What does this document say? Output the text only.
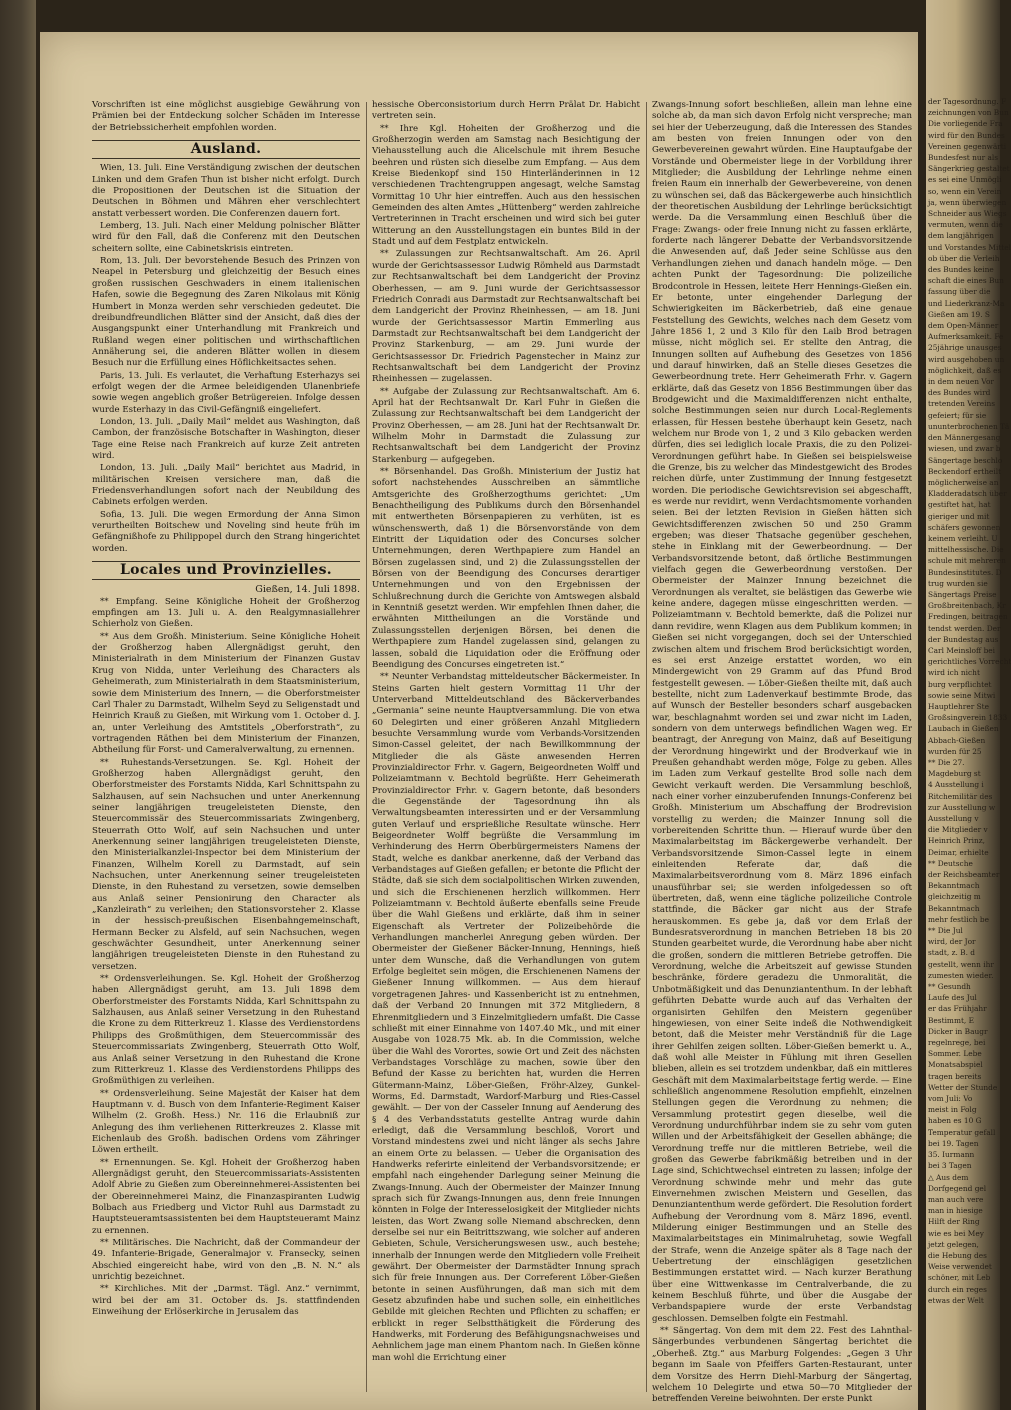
Vorschriften ist eine möglichst ausgiebige Gewährung von Prämien bei der Entdeckung solcher Schäden im Interesse der Betriebssicherheit empfohlen worden.

Ausland.

Wien, 13. Juli. Eine Verständigung zwischen der deutschen Linken und dem Grafen Thun ist bisher nicht erfolgt. Durch die Propositionen der Deutschen ist die Situation der Deutschen in Böhmen und Mähren eher verschlechtert anstatt verbessert worden. Die Conferenzen dauern fort.

Lemberg, 13. Juli. Nach einer Meldung polnischer Blätter wird für den Fall, daß die Conferenz mit den Deutschen scheitern sollte, eine Cabinetskrisis eintreten.

Rom, 13. Juli. Der bevorstehende Besuch des Prinzen von Neapel in Petersburg und gleichzeitig der Besuch eines großen russischen Geschwaders in einem italienischen Hafen, sowie die Begegnung des Zaren Nikolaus mit König Humbert in Monza werden sehr verschieden gedeutet. Die dreibundfreundlichen Blätter sind der Ansicht, daß dies der Ausgangspunkt einer Unterhandlung mit Frankreich und Rußland wegen einer politischen und wirthschaftlichen Annäherung sei, die anderen Blätter wollen in diesem Besuch nur die Erfüllung eines Höflichkeitsactes sehen.

Paris, 13. Juli. Es verlautet, die Verhaftung Esterhazys sei erfolgt wegen der die Armee beleidigenden Ulanenbriefe sowie wegen angeblich großer Betrügereien. Infolge dessen wurde Esterhazy in das Civil-Gefängniß eingeliefert.

London, 13. Juli. „Daily Mail“ meldet aus Washington, daß Cambon, der französische Botschafter in Washington, dieser Tage eine Reise nach Frankreich auf kurze Zeit antreten wird.

London, 13. Juli. „Daily Mail“ berichtet aus Madrid, in militärischen Kreisen versichere man, daß die Friedensverhandlungen sofort nach der Neubildung des Cabinets erfolgen werden.

Sofia, 13. Juli. Die wegen Ermordung der Anna Simon verurtheilten Boitschew und Noveling sind heute früh im Gefängnißhofe zu Philippopel durch den Strang hingerichtet worden.

Locales und Provinzielles.

Gießen, 14. Juli 1898.

** Empfang. Seine Königliche Hoheit der Großherzog empfingen am 13. Juli u. A. den Realgymnasiallehrer Schierholz von Gießen.

** Aus dem Großh. Ministerium. Seine Königliche Hoheit der Großherzog haben Allergnädigst geruht, den Ministerialrath in dem Ministerium der Finanzen Gustav Krug von Nidda, unter Verleihung des Characters als Geheimerath, zum Ministerialrath in dem Staatsministerium, sowie dem Ministerium des Innern, — die Oberforstmeister Carl Thaler zu Darmstadt, Wilhelm Seyd zu Seligenstadt und Heinrich Krauß zu Gießen, mit Wirkung vom 1. October d. J. an, unter Verleihung des Amtstitels „Oberforstrath“, zu vortragenden Räthen bei dem Ministerium der Finanzen, Abtheilung für Forst- und Cameralverwaltung, zu ernennen.

** Ruhestands-Versetzungen. Se. Kgl. Hoheit der Großherzog haben Allergnädigst geruht, den Oberforstmeister des Forstamts Nidda, Karl Schnittspahn zu Salzhausen, auf sein Nachsuchen und unter Anerkennung seiner langjährigen treugeleisteten Dienste, den Steuercommissär des Steuercommissariats Zwingenberg, Steuerrath Otto Wolf, auf sein Nachsuchen und unter Anerkennung seiner langjährigen treugeleisteten Dienste, den Ministerialkanzlei-Inspector bei dem Ministerium der Finanzen, Wilhelm Korell zu Darmstadt, auf sein Nachsuchen, unter Anerkennung seiner treugeleisteten Dienste, in den Ruhestand zu versetzen, sowie demselben aus Anlaß seiner Pensionirung den Character als „Kanzleirath“ zu verleihen; den Stationsvorsteher 2. Klasse in der hessisch-preußischen Eisenbahngemeinschaft, Hermann Becker zu Alsfeld, auf sein Nachsuchen, wegen geschwächter Gesundheit, unter Anerkennung seiner langjährigen treugeleisteten Dienste in den Ruhestand zu versetzen.

** Ordensverleihungen. Se. Kgl. Hoheit der Großherzog haben Allergnädigst geruht, am 13. Juli 1898 dem Oberforstmeister des Forstamts Nidda, Karl Schnittspahn zu Salzhausen, aus Anlaß seiner Versetzung in den Ruhestand die Krone zu dem Ritterkreuz 1. Klasse des Verdienstordens Philipps des Großmüthigen, dem Steuercommissär des Steuercommissariats Zwingenberg, Steuerrath Otto Wolf, aus Anlaß seiner Versetzung in den Ruhestand die Krone zum Ritterkreuz 1. Klasse des Verdienstordens Philipps des Großmüthigen zu verleihen.

** Ordensverleihung. Seine Majestät der Kaiser hat dem Hauptmann v. d. Busch von dem Infanterie-Regiment Kaiser Wilhelm (2. Großh. Hess.) Nr. 116 die Erlaubniß zur Anlegung des ihm verliehenen Ritterkreuzes 2. Klasse mit Eichenlaub des Großh. badischen Ordens vom Zähringer Löwen ertheilt.

** Ernennungen. Se. Kgl. Hoheit der Großherzog haben Allergnädigst geruht, den Steuercommissariats-Assistenten Adolf Abrie zu Gießen zum Obereinnehmerei-Assistenten bei der Obereinnehmerei Mainz, die Finanzaspiranten Ludwig Bolbach aus Friedberg und Victor Ruhl aus Darmstadt zu Hauptsteueramtsassistenten bei dem Hauptsteueramt Mainz zu ernennen.

** Militärisches. Die Nachricht, daß der Commandeur der 49. Infanterie-Brigade, Generalmajor v. Fransecky, seinen Abschied eingereicht habe, wird von den „B. N. N.“ als unrichtig bezeichnet.

** Kirchliches. Mit der „Darmst. Tägl. Anz.“ vernimmt, wird bei der am 31. October ds. Js. stattfindenden Einweihung der Erlöserkirche in Jerusalem das

hessische Oberconsistorium durch Herrn Prälat Dr. Habicht vertreten sein.

** Ihre Kgl. Hoheiten der Großherzog und die Großherzogin werden am Samstag nach Besichtigung der Viehausstellung auch die Alicelschule mit ihrem Besuche beehren und rüsten sich dieselbe zum Empfang. — Aus dem Kreise Biedenkopf sind 150 Hinterländerinnen in 12 verschiedenen Trachtengruppen angesagt, welche Samstag Vormittag 10 Uhr hier eintreffen. Auch aus den hessischen Gemeinden des alten Amtes „Hüttenberg“ werden zahlreiche Vertreterinnen in Tracht erscheinen und wird sich bei guter Witterung an den Ausstellungstagen ein buntes Bild in der Stadt und auf dem Festplatz entwickeln.

** Zulassungen zur Rechtsanwaltschaft. Am 26. April wurde der Gerichtsassessor Ludwig Römheld aus Darmstadt zur Rechtsanwaltschaft bei dem Landgericht der Provinz Oberhessen, — am 9. Juni wurde der Gerichtsassessor Friedrich Conradi aus Darmstadt zur Rechtsanwaltschaft bei dem Landgericht der Provinz Rheinhessen, — am 18. Juni wurde der Gerichtsassessor Martin Emmerling aus Darmstadt zur Rechtsanwaltschaft bei dem Landgericht der Provinz Starkenburg, — am 29. Juni wurde der Gerichtsassessor Dr. Friedrich Pagenstecher in Mainz zur Rechtsanwaltschaft bei dem Landgericht der Provinz Rheinhessen — zugelassen.

** Aufgabe der Zulassung zur Rechtsanwaltschaft. Am 6. April hat der Rechtsanwalt Dr. Karl Fuhr in Gießen die Zulassung zur Rechtsanwaltschaft bei dem Landgericht der Provinz Oberhessen, — am 28. Juni hat der Rechtsanwalt Dr. Wilhelm Mohr in Darmstadt die Zulassung zur Rechtsanwaltschaft bei dem Landgericht der Provinz Starkenburg — aufgegeben.

** Börsenhandel. Das Großh. Ministerium der Justiz hat sofort nachstehendes Ausschreiben an sämmtliche Amtsgerichte des Großherzogthums gerichtet: „Um Benachtheiligung des Publikums durch den Börsenhandel mit entwertheten Börsenpapieren zu verhüten, ist es wünschenswerth, daß 1) die Börsenvorstände von dem Eintritt der Liquidation oder des Concurses solcher Unternehmungen, deren Werthpapiere zum Handel an Börsen zugelassen sind, und 2) die Zulassungsstellen der Börsen von der Beendigung des Concurses derartiger Unternehmungen und von den Ergebnissen der Schlußrechnung durch die Gerichte von Amtswegen alsbald in Kenntniß gesetzt werden. Wir empfehlen Ihnen daher, die erwähnten Mittheilungen an die Vorstände und Zulassungsstellen derjenigen Börsen, bei denen die Werthpapiere zum Handel zugelassen sind, gelangen zu lassen, sobald die Liquidation oder die Eröffnung oder Beendigung des Concurses eingetreten ist.“

** Neunter Verbandstag mitteldeutscher Bäckermeister. In Steins Garten hielt gestern Vormittag 11 Uhr der Unterverband Mitteldeutschland des Bäckerverbandes „Germania“ seine neunte Hauptversammlung. Die von etwa 60 Delegirten und einer größeren Anzahl Mitgliedern besuchte Versammlung wurde vom Verbands-Vorsitzenden Simon-Cassel geleitet, der nach Bewillkommnung der Mitglieder die als Gäste anwesenden Herren Provinzialdirector Frhr. v. Gagern, Beigeordneten Wolff und Polizeiamtmann v. Bechtold begrüßte. Herr Geheimerath Provinzialdirector Frhr. v. Gagern betonte, daß besonders die Gegenstände der Tagesordnung ihn als Verwaltungsbeamten interessirten und er der Versammlung guten Verlauf und ersprießliche Resultate wünsche. Herr Beigeordneter Wolff begrüßte die Versammlung im Verhinderung des Herrn Oberbürgermeisters Namens der Stadt, welche es dankbar anerkenne, daß der Verband das Verbandstages auf Gießen gefallen; er betonte die Pflicht der Städte, daß sie sich dem socialpolitischen Wirken zuwenden, und sich die Erschienenen herzlich willkommen. Herr Polizeiamtmann v. Bechtold äußerte ebenfalls seine Freude über die Wahl Gießens und erklärte, daß ihm in seiner Eigenschaft als Vertreter der Polizeibehörde die Verhandlungen mancherlei Anregung geben würden. Der Obermeister der Gießener Bäcker-Innung, Hennings, hieß unter dem Wunsche, daß die Verhandlungen von gutem Erfolge begleitet sein mögen, die Erschienenen Namens der Gießener Innung willkommen. — Aus dem hierauf vorgetragenen Jahres- und Kassenbericht ist zu entnehmen, daß der Verband 20 Innungen mit 372 Mitgliedern, 8 Ehrenmitgliedern und 3 Einzelmitgliedern umfaßt. Die Casse schließt mit einer Einnahme von 1407.40 Mk., und mit einer Ausgabe von 1028.75 Mk. ab. In die Commission, welche über die Wahl des Vorortes, sowie Ort und Zeit des nächsten Verbandstages Vorschläge zu machen, sowie über den Befund der Kasse zu berichten hat, wurden die Herren Gütermann-Mainz, Löber-Gießen, Fröhr-Alzey, Gunkel-Worms, Ed. Darmstadt, Wardorf-Marburg und Ries-Cassel gewählt. — Der von der Casseler Innung auf Aenderung des § 4 des Verbandsstatuts gestellte Antrag wurde dahin erledigt, daß die Versammlung beschloß, Vorort und Vorstand mindestens zwei und nicht länger als sechs Jahre an einem Orte zu belassen. — Ueber die Organisation des Handwerks referirte einleitend der Verbandsvorsitzende; er empfahl nach eingehender Darlegung seiner Meinung die Zwangs-Innung. Auch der Obermeister der Mainzer Innung sprach sich für Zwangs-Innungen aus, denn freie Innungen könnten in Folge der Interesselosigkeit der Mitglieder nichts leisten, das Wort Zwang solle Niemand abschrecken, denn derselbe sei nur ein Beitrittszwang, wie solcher auf anderen Gebieten, Schule, Versicherungswesen usw., auch bestehe; innerhalb der Innungen werde den Mitgliedern volle Freiheit gewährt. Der Obermeister der Darmstädter Innung sprach sich für freie Innungen aus. Der Correferent Löber-Gießen betonte in seinen Ausführungen, daß man sich mit dem Gesetz abzufinden habe und suchen solle, ein einheitliches Gebilde mit gleichen Rechten und Pflichten zu schaffen; er erblickt in reger Selbstthätigkeit die Förderung des Handwerks, mit Forderung des Befähigungsnachweises und Aehnlichem jage man einem Phantom nach. In Gießen könne man wohl die Errichtung einer

Zwangs-Innung sofort beschließen, allein man lehne eine solche ab, da man sich davon Erfolg nicht verspreche; man sei hier der Ueberzeugung, daß die Interessen des Standes am besten von freien Innungen oder von den Gewerbevereinen gewahrt würden. Eine Hauptaufgabe der Vorstände und Obermeister liege in der Vorbildung ihrer Mitglieder; die Ausbildung der Lehrlinge nehme einen freien Raum ein innerhalb der Gewerbevereine, von denen zu wünschen sei, daß das Bäckergewerbe auch hinsichtlich der theoretischen Ausbildung der Lehrlinge berücksichtigt werde. Da die Versammlung einen Beschluß über die Frage: Zwangs- oder freie Innung nicht zu fassen erklärte, forderte nach längerer Debatte der Verbandsvorsitzende die Anwesenden auf, daß Jeder seine Schlüsse aus den Verhandlungen ziehen und danach handeln möge. — Den achten Punkt der Tagesordnung: Die polizeiliche Brodcontrole in Hessen, leitete Herr Hennings-Gießen ein. Er betonte, unter eingehender Darlegung der Schwierigkeiten im Bäckerbetrieb, daß eine genaue Feststellung des Gewichts, welches nach dem Gesetz vom Jahre 1856 1, 2 und 3 Kilo für den Laib Brod betragen müsse, nicht möglich sei. Er stellte den Antrag, die Innungen sollten auf Aufhebung des Gesetzes von 1856 und darauf hinwirken, daß an Stelle dieses Gesetzes die Gewerbeordnung trete. Herr Geheimerath Frhr. v. Gagern erklärte, daß das Gesetz von 1856 Bestimmungen über das Brodgewicht und die Maximaldifferenzen nicht enthalte, solche Bestimmungen seien nur durch Local-Reglements erlassen, für Hessen bestehe überhaupt kein Gesetz, nach welchem nur Brode von 1, 2 und 3 Kilo gebacken werden dürfen, dies sei lediglich locale Praxis, die zu den Polizei-Verordnungen geführt habe. In Gießen sei beispielsweise die Grenze, bis zu welcher das Mindestgewicht des Brodes reichen dürfe, unter Zustimmung der Innung festgesetzt worden. Die periodische Gewichtsrevision sei abgeschafft, es werde nur revidirt, wenn Verdachtsmomente vorhanden seien. Bei der letzten Revision in Gießen hätten sich Gewichtsdifferenzen zwischen 50 und 250 Gramm ergeben; was dieser Thatsache gegenüber geschehen, stehe in Einklang mit der Gewerbeordnung. — Der Verbandsvorsitzende betont, daß örtliche Bestimmungen vielfach gegen die Gewerbeordnung verstoßen. Der Obermeister der Mainzer Innung bezeichnet die Verordnungen als veraltet, sie belästigen das Gewerbe wie keine andere, dagegen müsse eingeschritten werden. — Polizeiamtmann v. Bechtold bemerkte, daß die Polizei nur dann revidire, wenn Klagen aus dem Publikum kommen; in Gießen sei nicht vorgegangen, doch sei der Unterschied zwischen altem und frischem Brod berücksichtigt worden, es sei erst Anzeige erstattet worden, wo ein Mindergewicht von 29 Gramm auf das Pfund Brod festgestellt gewesen. — Löber-Gießen theilte mit, daß auch bestellte, nicht zum Ladenverkauf bestimmte Brode, das auf Wunsch der Besteller besonders scharf ausgebacken war, beschlagnahmt worden sei und zwar nicht im Laden, sondern von dem unterwegs befindlichen Wagen weg. Er beantragt, der Anregung von Mainz, daß auf Beseitigung der Verordnung hingewirkt und der Brodverkauf wie in Preußen gehandhabt werden möge, Folge zu geben. Alles im Laden zum Verkauf gestellte Brod solle nach dem Gewicht verkauft werden. Die Versammlung beschloß, nach einer vorher einzuberufenden Innungs-Conferenz bei Großh. Ministerium um Abschaffung der Brodrevision vorstellig zu werden; die Mainzer Innung soll die vorbereitenden Schritte thun. — Hierauf wurde über den Maximalarbeitstag im Bäckergewerbe verhandelt. Der Verbandsvorsitzende Simon-Cassel legte in einem einleitenden Referate dar, daß die Maximalarbeitsverordnung vom 8. März 1896 einfach unausführbar sei; sie werden infolgedessen so oft übertreten, daß, wenn eine tägliche polizeiliche Controle stattfinde, die Bäcker gar nicht aus der Strafe herauskommen. Es gebe ja, daß vor dem Erlaß der Bundesratsverordnung in manchen Betrieben 18 bis 20 Stunden gearbeitet wurde, die Verordnung habe aber nicht die großen, sondern die mittleren Betriebe getroffen. Die Verordnung, welche die Arbeitszeit auf gewisse Stunden beschränke, fördere geradezu die Unmoralität, die Unbotmäßigkeit und das Denunziantenthum. In der lebhaft geführten Debatte wurde auch auf das Verhalten der organisirten Gehilfen den Meistern gegenüber hingewiesen, von einer Seite indeß die Nothwendigkeit betont, daß die Meister mehr Verständniß für die Lage ihrer Gehilfen zeigen sollten. Löber-Gießen bemerkt u. A., daß wohl alle Meister in Fühlung mit ihren Gesellen blieben, allein es sei trotzdem undenkbar, daß ein mittleres Geschäft mit dem Maximalarbeitstage fertig werde. — Eine schließlich angenommene Resolution empfiehlt, einzelnen Stellungen gegen die Verordnung zu nehmen; die Versammlung protestirt gegen dieselbe, weil die Verordnung undurchführbar indem sie zu sehr vom guten Willen und der Arbeitsfähigkeit der Gesellen abhänge; die Verordnung treffe nur die mittleren Betriebe, weil die großen das Gewerbe fabrikmäßig betreiben und in der Lage sind, Schichtwechsel eintreten zu lassen; infolge der Verordnung schwinde mehr und mehr das gute Einvernehmen zwischen Meistern und Gesellen, das Denunziantenthum werde gefördert. Die Resolution fordert Aufhebung der Verordnung vom 8. März 1896, eventl. Milderung einiger Bestimmungen und an Stelle des Maximalarbeitstages ein Minimalruhetag, sowie Wegfall der Strafe, wenn die Anzeige später als 8 Tage nach der Uebertretung der einschlägigen gesetzlichen Bestimmungen erstattet wird. — Nach kurzer Berathung über eine Wittwenkasse im Centralverbande, die zu keinem Beschluß führte, und über die Ausgabe der Verbandspapiere wurde der erste Verbandstag geschlossen. Demselben folgte ein Festmahl.

** Sängertag. Von dem mit dem 22. Fest des Lahnthal-Sängerbundes verbundenen Sängertag berichtet die „Oberheß. Ztg.“ aus Marburg Folgendes: „Gegen 3 Uhr begann im Saale von Pfeiffers Garten-Restaurant, unter dem Vorsitze des Herrn Diehl-Marburg der Sängertag, welchem 10 Delegirte und etwa 50—70 Mitglieder der betreffenden Vereine beiwohnten. Der erste Punkt

der Tagesordnung. F
zeichnungen von Bun
Die vorliegende Fra
wird für den Bundes
Vereinen gegenwärti
Bundesfest nur als
Sängerkrieg gestaltet
es sei eine Unmögli
so, wenn ein Verein
ja, wenn überwiegen
Schneider aus Wiegs
vermuten, wenn die
dem langjährigen
und Vorstandes Mittel
ob über die Verleih
des Bundes keine
schaft die eines Bun
fassung über die
und Liederkranz-Ma
Gießen am 19. S
dem Open-Männer
Aufmerksamkeit. Fe
25jährige unausges
wird ausgehoben un
möglichkeit, daß es
in dem neuen Vor
des Bundes wird
tretenden Vereins
gefeiert; für sie
ununterbrochenen Tä
den Männergesang
wiesen, und zwar b
Sängertage beschlo
Beckendorf ertheilt
möglicherweise an
Kladderadatsch über
gestiftet hat, hat
gieriger und mit
schäfers gewonnen
keinem verleiht. U
mittelhessische. Die
schule mit mehreren
Bundesinstitutes. D
trug wurden sie
Sängertags Preise
Großbreitenbach, Kr
Fredingen, beitragen
tendst werden. Der
der Bundestag aus
Carl Meinsloff bei
gerichtliches Vorrecht
wird ich nicht
burg verpflichtet
sowie seine Mitwi
Hauptlehrer Ste
Großsingverein 1833
Laubach in Gießen
Abbach-Gießen
wurden für 25
** Die 27.
Magdeburg st
4 Ausstellung i
Ritchemilitär des
zur Ausstellung w
Ausstellung v
die Mitglieder v
Heinrich Prinz,
Deimar, erhielte
** Deutsche
der Reichsbeamter
Bekanntmach
gleichzeitig m
Bekanntmach
mehr festlich be
** Die Jul
wird, der Jor
stadt, z. B. d
gestellt, wenn ihr
zumesten wieder.
** Gesundh
Laufe des Jul
er das Frühjahr
Bestimmt, E
Dicker in Baugr
regelnrege, bei
Sommer. Lebe
Monatsabspiel
tragen bereits
Wetter der Stunde
vom Juli: Vo
meist in Folg
haben es 10 G
Temperatur gefall
bei 19. Tagen
35. Iurmann
bei 3 Tagen
△ Aus dem
Dorfgegend gel
man auch vere
man in hiesige
Hilft der Ring
wie es bei Mey
jetzt gelegen,
die Hebung des
Weise verwendet
schöner, mit Leb
durch ein reges
etwas der Welt
